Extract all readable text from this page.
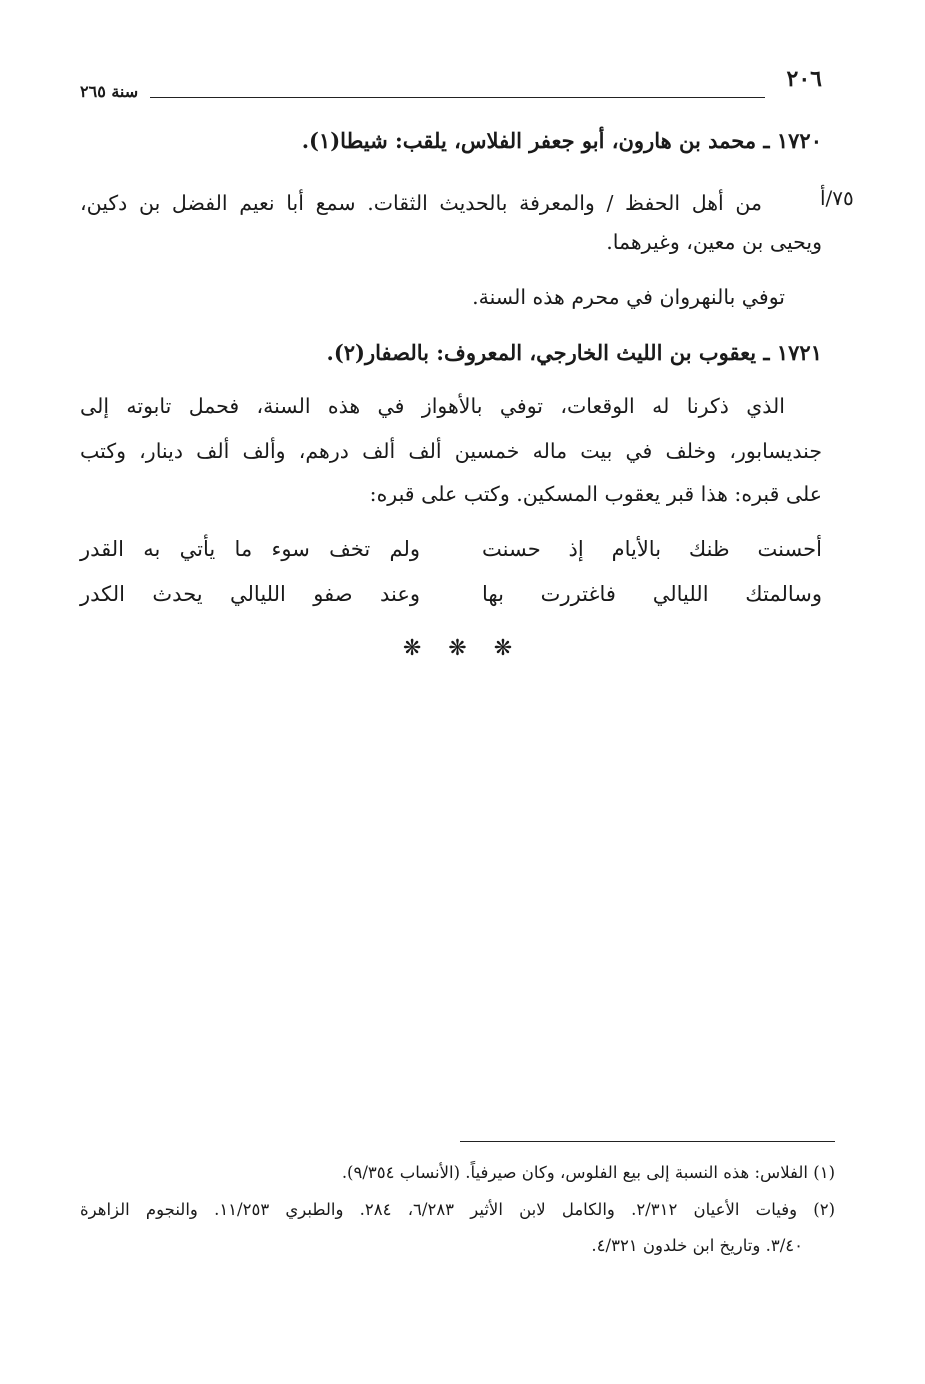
٢٠٦
سنة ٢٦٥
١٧٢٠ ـ محمد بن هارون، أبو جعفر الفلاس، يلقب: شيطا(١).
٧٥/أ
من أهل الحفظ / والمعرفة بالحديث الثقات. سمع أبا نعيم الفضل بن دكين،
ويحيى بن معين، وغيرهما.
توفي بالنهروان في محرم هذه السنة.
١٧٢١ ـ يعقوب بن الليث الخارجي، المعروف: بالصفار(٢).
الذي ذكرنا له الوقعات، توفي بالأهواز في هذه السنة، فحمل تابوته إلى
جنديسابور، وخلف في بيت ماله خمسين ألف ألف درهم، وألف ألف دينار، وكتب
على قبره: هذا قبر يعقوب المسكين. وكتب على قبره:
أحسنت ظنك بالأيام إذ حسنت
ولم تخف سوء ما يأتي به القدر
وسالمتك الليالي فاغتررت بها
وعند صفو الليالي يحدث الكدر
❋ ❋ ❋
(١) الفلاس: هذه النسبة إلى بيع الفلوس، وكان صيرفياً. (الأنساب ٩/٣٥٤).
(٢) وفيات الأعيان ٢/٣١٢. والكامل لابن الأثير ٦/٢٨٣، ٢٨٤. والطبري ١١/٢٥٣. والنجوم الزاهرة
٣/٤٠. وتاريخ ابن خلدون ٤/٣٢١.
